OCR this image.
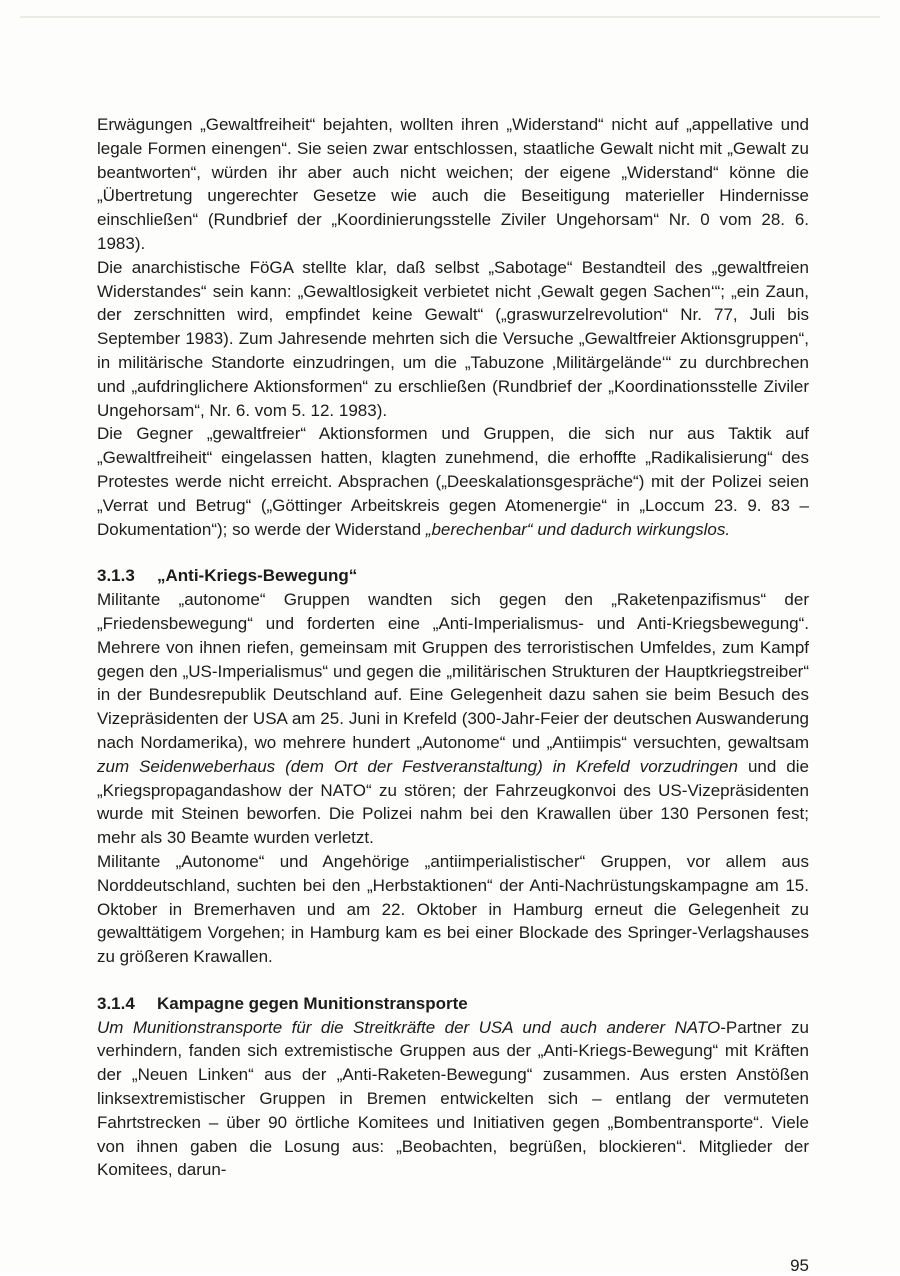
Erwägungen „Gewaltfreiheit“ bejahten, wollten ihren „Widerstand“ nicht auf „appellative und legale Formen einengen“. Sie seien zwar entschlossen, staatliche Gewalt nicht mit „Gewalt zu beantworten“, würden ihr aber auch nicht weichen; der eigene „Widerstand“ könne die „Übertretung ungerechter Gesetze wie auch die Beseitigung materieller Hindernisse einschließen“ (Rundbrief der „Koordinierungsstelle Ziviler Ungehorsam“ Nr. 0 vom 28. 6. 1983).

Die anarchistische FöGA stellte klar, daß selbst „Sabotage“ Bestandteil des „gewaltfreien Widerstandes“ sein kann: „Gewaltlosigkeit verbietet nicht ‚Gewalt gegen Sachen‘“; „ein Zaun, der zerschnitten wird, empfindet keine Gewalt“ („graswurzelrevolution“ Nr. 77, Juli bis September 1983). Zum Jahresende mehrten sich die Versuche „Gewaltfreier Aktionsgruppen“, in militärische Standorte einzudringen, um die „Tabuzone ‚Militärgelände‘“ zu durchbrechen und „aufdringlichere Aktionsformen“ zu erschließen (Rundbrief der „Koordinationsstelle Ziviler Ungehorsam“, Nr. 6. vom 5. 12. 1983).

Die Gegner „gewaltfreier“ Aktionsformen und Gruppen, die sich nur aus Taktik auf „Gewaltfreiheit“ eingelassen hatten, klagten zunehmend, die erhoffte „Radikalisierung“ des Protestes werde nicht erreicht. Absprachen („Deeskalationsgespräche“) mit der Polizei seien „Verrat und Betrug“ („Göttinger Arbeitskreis gegen Atomenergie“ in „Loccum 23. 9. 83 – Dokumentation“); so werde der Widerstand „berechenbar“ und dadurch wirkungslos.

3.1.3 „Anti-Kriegs-Bewegung“

Militante „autonome“ Gruppen wandten sich gegen den „Raketenpazifismus“ der „Friedensbewegung“ und forderten eine „Anti-Imperialismus- und Anti-Kriegsbewegung“. Mehrere von ihnen riefen, gemeinsam mit Gruppen des terroristischen Umfeldes, zum Kampf gegen den „US-Imperialismus“ und gegen die „militärischen Strukturen der Hauptkriegstreiber“ in der Bundesrepublik Deutschland auf. Eine Gelegenheit dazu sahen sie beim Besuch des Vizepräsidenten der USA am 25. Juni in Krefeld (300-Jahr-Feier der deutschen Auswanderung nach Nordamerika), wo mehrere hundert „Autonome“ und „Antiimpis“ versuchten, gewaltsam zum Seidenweberhaus (dem Ort der Festveranstaltung) in Krefeld vorzudringen und die „Kriegspropagandashow der NATO“ zu stören; der Fahrzeugkonvoi des US-Vizepräsidenten wurde mit Steinen beworfen. Die Polizei nahm bei den Krawallen über 130 Personen fest; mehr als 30 Beamte wurden verletzt.

Militante „Autonome“ und Angehörige „antiimperialistischer“ Gruppen, vor allem aus Norddeutschland, suchten bei den „Herbstaktionen“ der Anti-Nachrüstungskampagne am 15. Oktober in Bremerhaven und am 22. Oktober in Hamburg erneut die Gelegenheit zu gewalttätigem Vorgehen; in Hamburg kam es bei einer Blockade des Springer-Verlagshauses zu größeren Krawallen.

3.1.4 Kampagne gegen Munitionstransporte

Um Munitionstransporte für die Streitkräfte der USA und auch anderer NATO-Partner zu verhindern, fanden sich extremistische Gruppen aus der „Anti-Kriegs-Bewegung“ mit Kräften der „Neuen Linken“ aus der „Anti-Raketen-Bewegung“ zusammen. Aus ersten Anstößen linksextremistischer Gruppen in Bremen entwickelten sich – entlang der vermuteten Fahrtstrecken – über 90 örtliche Komitees und Initiativen gegen „Bombentransporte“. Viele von ihnen gaben die Losung aus: „Beobachten, begrüßen, blockieren“. Mitglieder der Komitees, darun-

95
